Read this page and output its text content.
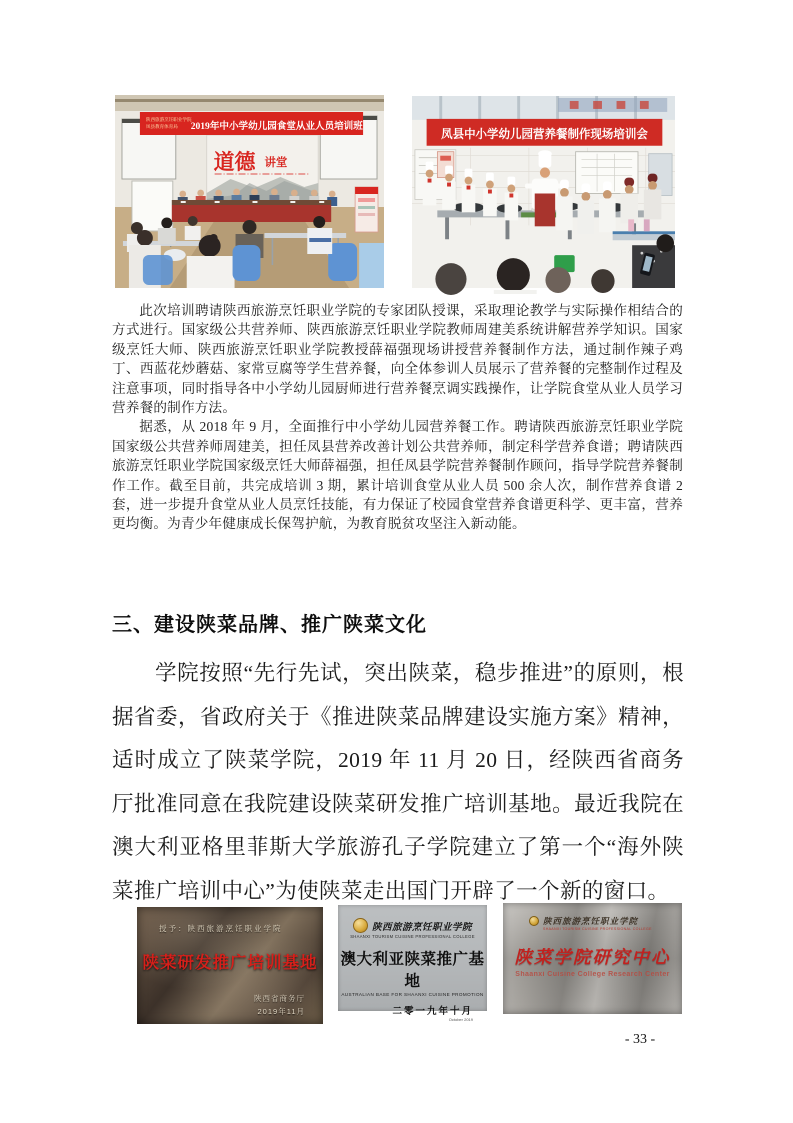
道德 讲堂
陕西旅游烹饪职业学院
凤县教育体育局 2019年中小学幼儿园食堂从业人员培训班
凤县中小学幼儿园营养餐制作现场培训会

此次培训聘请陕西旅游烹饪职业学院的专家团队授课，采取理论教学与实际操作相结合的方式进行。国家级公共营养师、陕西旅游烹饪职业学院教师周建美系统讲解营养学知识。国家级烹饪大师、陕西旅游烹饪职业学院教授薛福强现场讲授营养餐制作方法，通过制作辣子鸡丁、西蓝花炒蘑菇、家常豆腐等学生营养餐，向全体参训人员展示了营养餐的完整制作过程及注意事项，同时指导各中小学幼儿园厨师进行营养餐烹调实践操作，让学院食堂从业人员学习营养餐的制作方法。

据悉，从 2018 年 9 月，全面推行中小学幼儿园营养餐工作。聘请陕西旅游烹饪职业学院国家级公共营养师周建美，担任凤县营养改善计划公共营养师，制定科学营养食谱；聘请陕西旅游烹饪职业学院国家级烹饪大师薛福强，担任凤县学院营养餐制作顾问，指导学院营养餐制作工作。截至目前，共完成培训 3 期，累计培训食堂从业人员 500 余人次，制作营养食谱 2 套，进一步提升食堂从业人员烹饪技能，有力保证了校园食堂营养食谱更科学、更丰富，营养更均衡。为青少年健康成长保驾护航，为教育脱贫攻坚注入新动能。

三、建设陕菜品牌、推广陕菜文化

学院按照“先行先试，突出陕菜，稳步推进”的原则，根据省委，省政府关于《推进陕菜品牌建设实施方案》精神，适时成立了陕菜学院，2019 年 11 月 20 日，经陕西省商务厅批准同意在我院建设陕菜研发推广培训基地。最近我院在澳大利亚格里菲斯大学旅游孔子学院建立了第一个“海外陕菜推广培训中心”为使陕菜走出国门开辟了一个新的窗口。

授予：陕西旅游烹饪职业学院
陕菜研发推广培训基地
陕西省商务厅
2019年11月
陕西旅游烹饪职业学院
SHAANXI TOURISM CUISINE PROFESSIONAL COLLEGE
澳大利亚陕菜推广基地
AUSTRALIAN BASE FOR SHAANXI CUISINE PROMOTION
二零一九年十月
October 2019
陕西旅游烹饪职业学院
SHAANXI TOURISM CUISINE PROFESSIONAL COLLEGE
陕菜学院研究中心
Shaanxi Cuisine College Research Center
- 33 -
